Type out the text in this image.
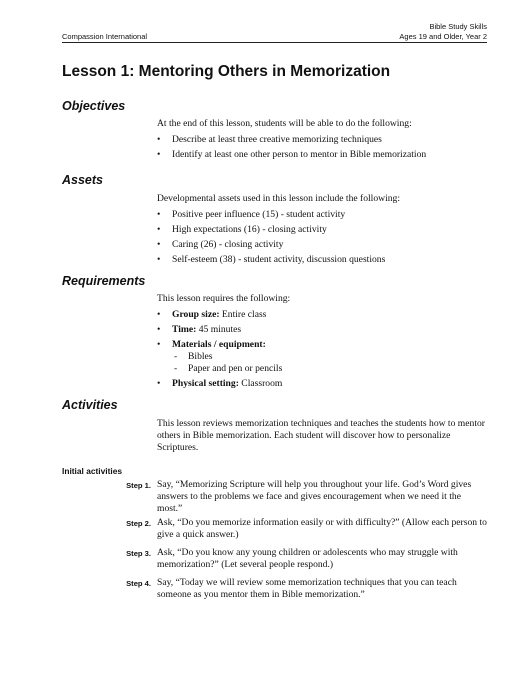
Bible Study Skills
Ages 19 and Older, Year 2
Compassion International
Lesson 1: Mentoring Others in Memorization
Objectives

At the end of this lesson, students will be able to do the following:

• Describe at least three creative memorizing techniques
• Identify at least one other person to mentor in Bible memorization
Assets

Developmental assets used in this lesson include the following:

• Positive peer influence (15) - student activity
• High expectations (16) - closing activity
• Caring (26) - closing activity
• Self-esteem (38) - student activity, discussion questions
Requirements

This lesson requires the following:

• Group size: Entire class
• Time: 45 minutes
• Materials / equipment:
- Bibles
- Paper and pen or pencils
• Physical setting: Classroom
Activities

This lesson reviews memorization techniques and teaches the students how to mentor others in Bible memorization. Each student will discover how to personalize Scriptures.

Initial activities
Step 1. Say, “Memorizing Scripture will help you throughout your life. God’s Word gives answers to the problems we face and gives encouragement when we need it the most.”
Step 2. Ask, “Do you memorize information easily or with difficulty?” (Allow each person to give a quick answer.)
Step 3. Ask, “Do you know any young children or adolescents who may struggle with memorization?” (Let several people respond.)
Step 4. Say, “Today we will review some memorization techniques that you can teach someone as you mentor them in Bible memorization.”
